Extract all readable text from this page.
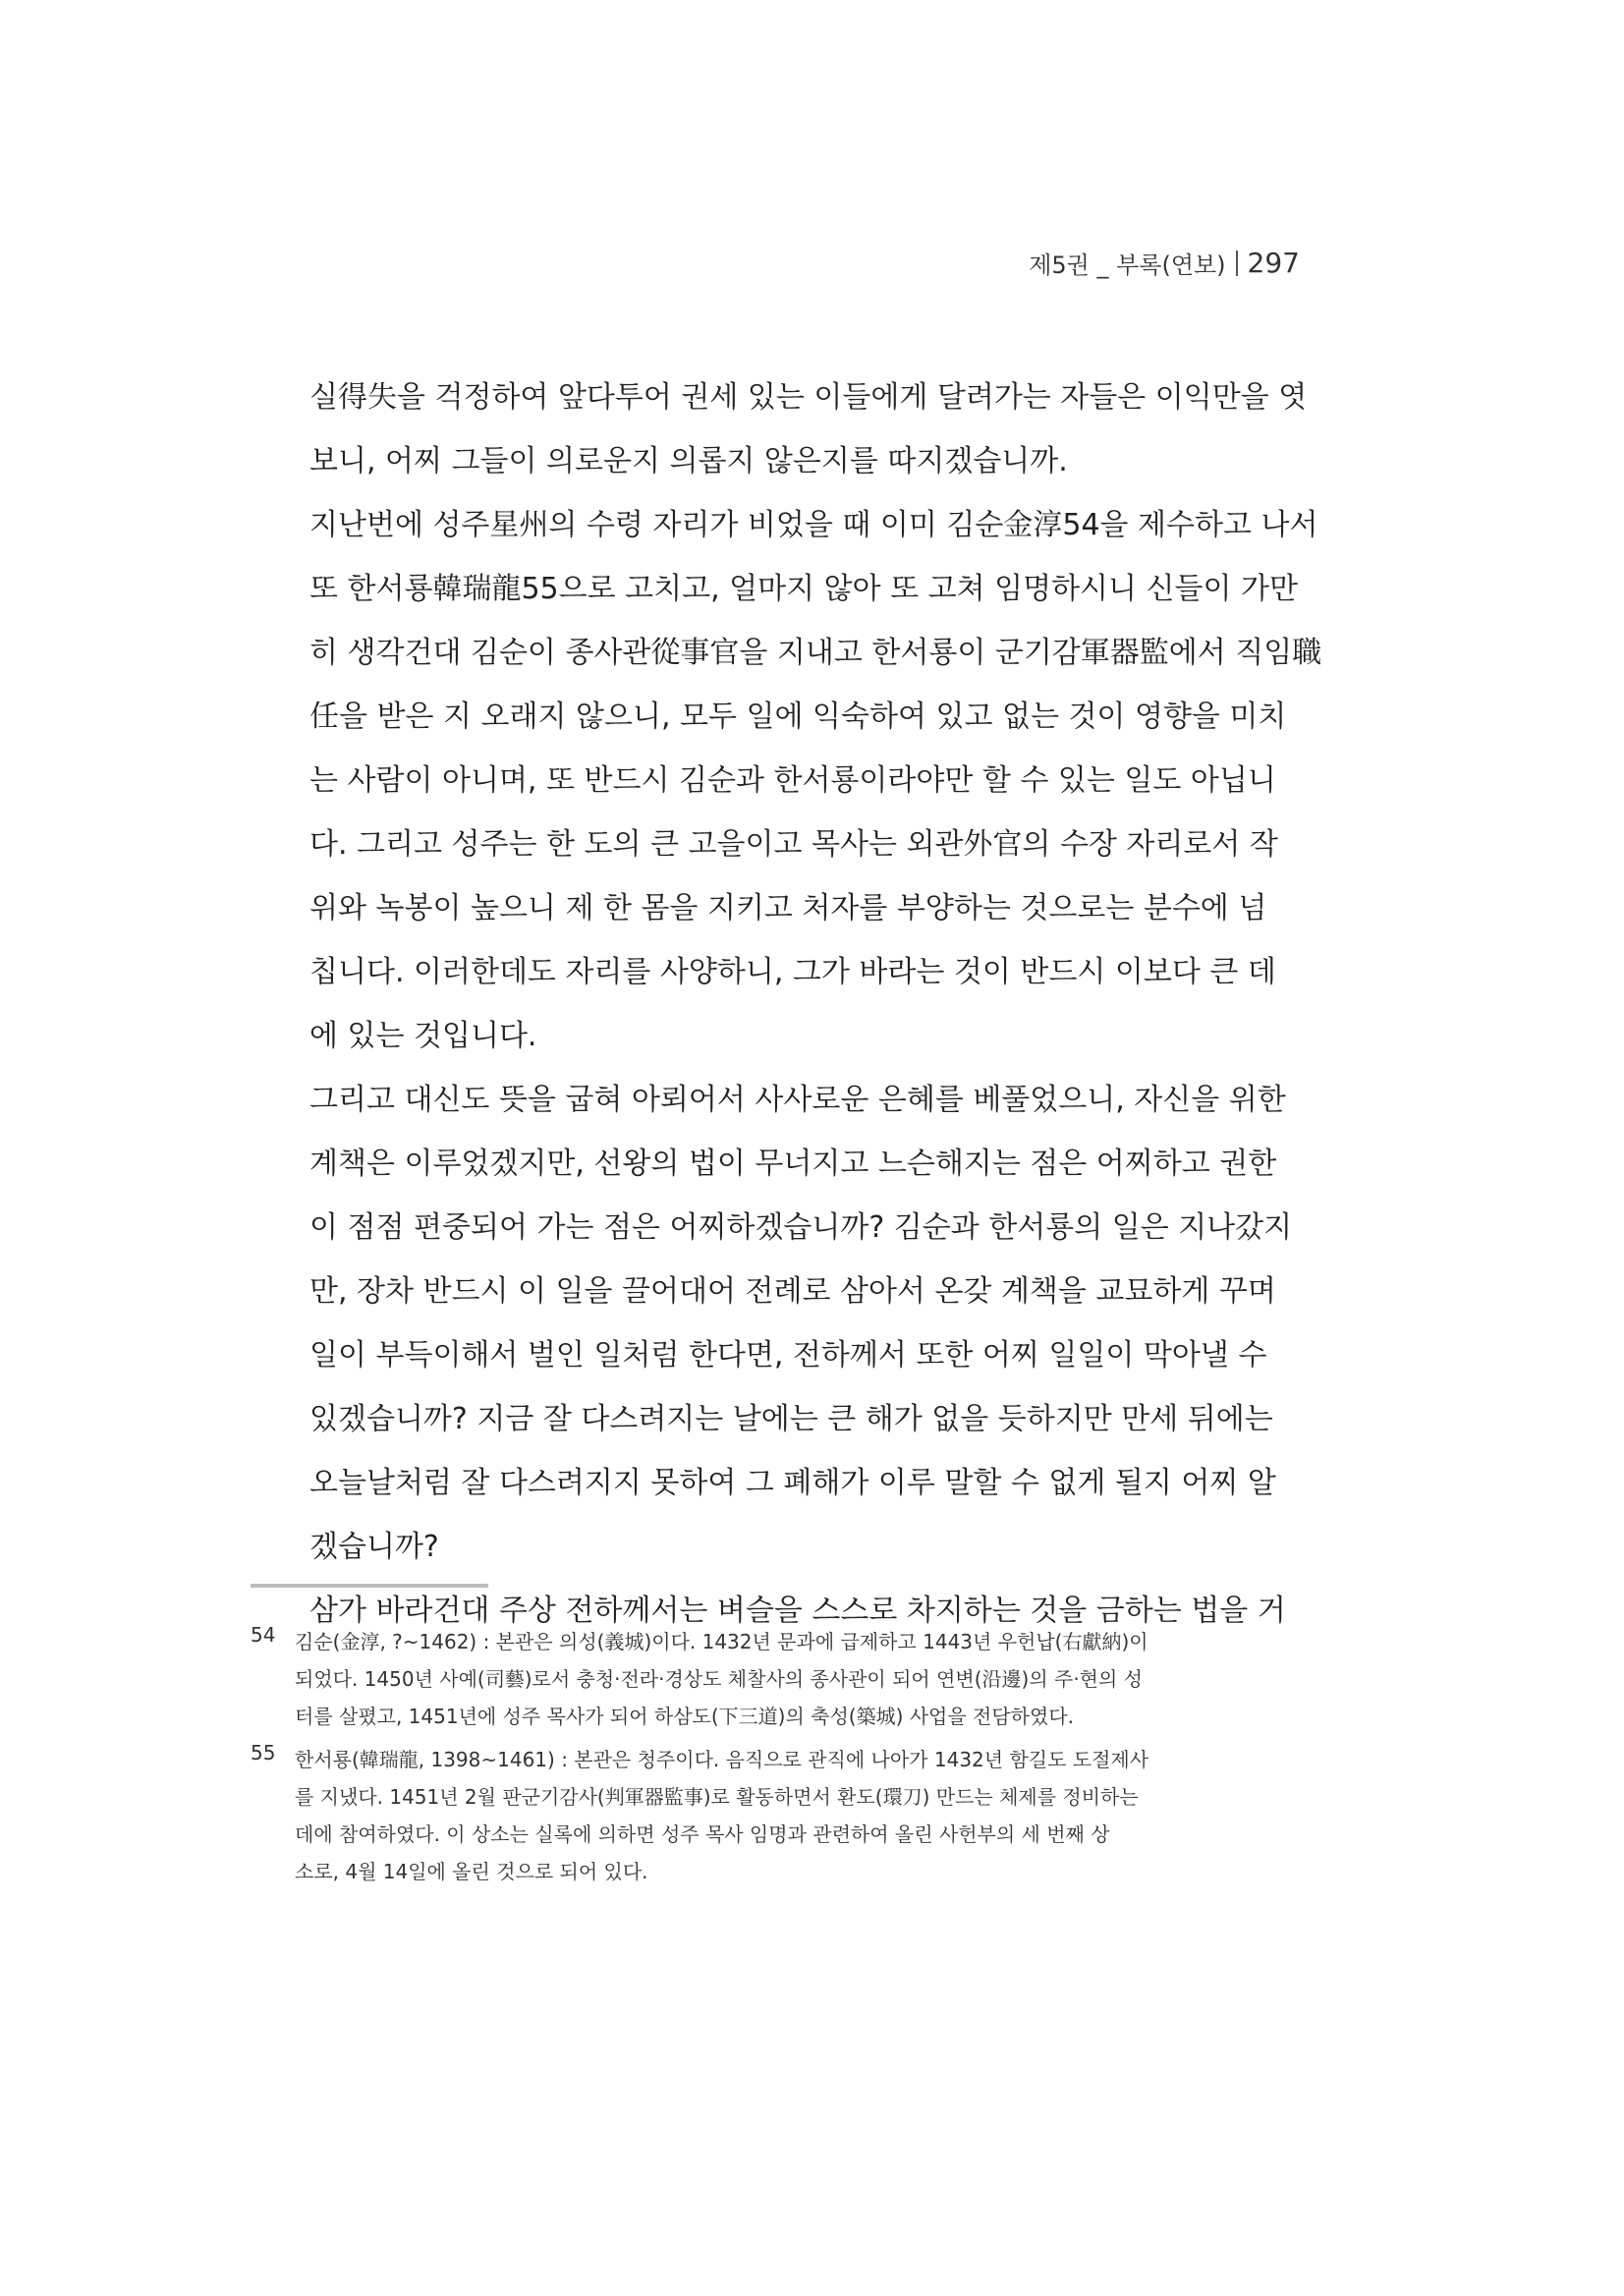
제5권 _ 부록(연보) 297
실得失을 걱정하여 앞다투어 권세 있는 이들에게 달려가는 자들은 이익만을 엿
보니, 어찌 그들이 의로운지 의롭지 않은지를 따지겠습니까.
지난번에 성주星州의 수령 자리가 비었을 때 이미 김순金淳54을 제수하고 나서
또 한서룡韓瑞龍55으로 고치고, 얼마지 않아 또 고쳐 임명하시니 신들이 가만
히 생각건대 김순이 종사관從事官을 지내고 한서룡이 군기감軍器監에서 직임職
任을 받은 지 오래지 않으니, 모두 일에 익숙하여 있고 없는 것이 영향을 미치
는 사람이 아니며, 또 반드시 김순과 한서룡이라야만 할 수 있는 일도 아닙니
다. 그리고 성주는 한 도의 큰 고을이고 목사는 외관外官의 수장 자리로서 작
위와 녹봉이 높으니 제 한 몸을 지키고 처자를 부양하는 것으로는 분수에 넘
칩니다. 이러한데도 자리를 사양하니, 그가 바라는 것이 반드시 이보다 큰 데
에 있는 것입니다.
그리고 대신도 뜻을 굽혀 아뢰어서 사사로운 은혜를 베풀었으니, 자신을 위한
계책은 이루었겠지만, 선왕의 법이 무너지고 느슨해지는 점은 어찌하고 권한
이 점점 편중되어 가는 점은 어찌하겠습니까? 김순과 한서룡의 일은 지나갔지
만, 장차 반드시 이 일을 끌어대어 전례로 삼아서 온갖 계책을 교묘하게 꾸며
일이 부득이해서 벌인 일처럼 한다면, 전하께서 또한 어찌 일일이 막아낼 수
있겠습니까? 지금 잘 다스려지는 날에는 큰 해가 없을 듯하지만 만세 뒤에는
오늘날처럼 잘 다스려지지 못하여 그 폐해가 이루 말할 수 없게 될지 어찌 알
겠습니까?
삼가 바라건대 주상 전하께서는 벼슬을 스스로 차지하는 것을 금하는 법을 거
54 김순(金淳, ?~1462) : 본관은 의성(義城)이다. 1432년 문과에 급제하고 1443년 우헌납(右獻納)이
되었다. 1450년 사예(司藝)로서 충청·전라·경상도 체찰사의 종사관이 되어 연변(沿邊)의 주·현의 성
터를 살폈고, 1451년에 성주 목사가 되어 하삼도(下三道)의 축성(築城) 사업을 전담하였다.
55 한서룡(韓瑞龍, 1398~1461) : 본관은 청주이다. 음직으로 관직에 나아가 1432년 함길도 도절제사
를 지냈다. 1451년 2월 판군기감사(判軍器監事)로 활동하면서 환도(環刀) 만드는 체제를 정비하는
데에 참여하였다. 이 상소는 실록에 의하면 성주 목사 임명과 관련하여 올린 사헌부의 세 번째 상
소로, 4월 14일에 올린 것으로 되어 있다.
